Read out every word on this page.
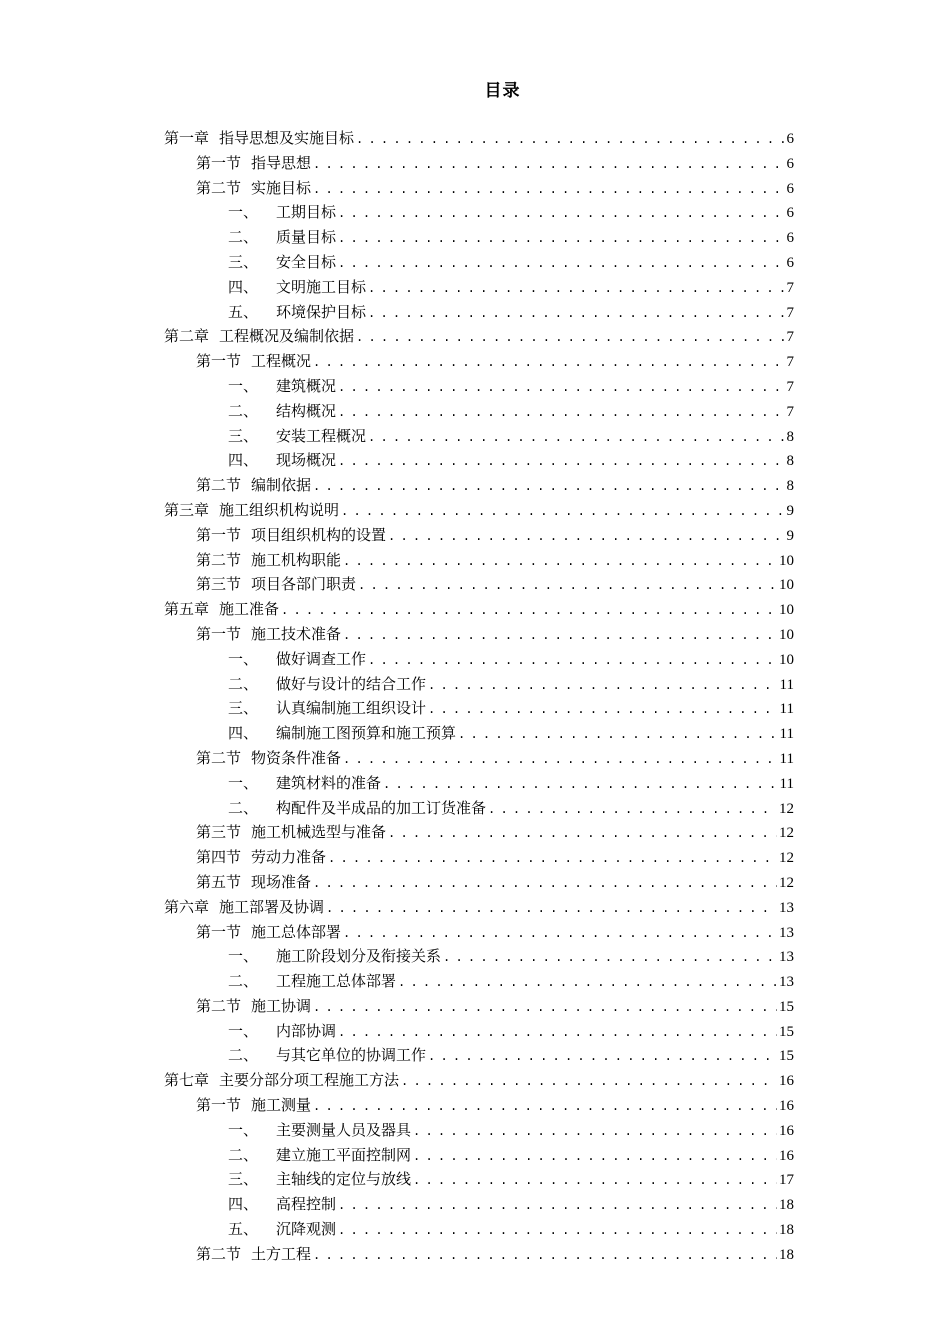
目录
第一章 指导思想及实施目标 . . .	6
第一节 指导思想 . . .	6
第二节 实施目标 . . .	6
一、 工期目标 . . .	6
二、 质量目标 . . .	6
三、 安全目标 . . .	6
四、 文明施工目标 . . .	7
五、 环境保护目标 . . .	7
第二章 工程概况及编制依据 . . .	7
第一节 工程概况 . . .	7
一、 建筑概况 . . .	7
二、 结构概况 . . .	7
三、 安装工程概况 . . .	8
四、 现场概况 . . .	8
第二节 编制依据 . . .	8
第三章 施工组织机构说明 . . .	9
第一节 项目组织机构的设置 . . .	9
第二节 施工机构职能 . . .	10
第三节 项目各部门职责 . . .	10
第五章 施工准备 . . .	10
第一节 施工技术准备 . . .	10
一、 做好调查工作 . . .	10
二、 做好与设计的结合工作 . . .	11
三、 认真编制施工组织设计 . . .	11
四、 编制施工图预算和施工预算 . . .	11
第二节 物资条件准备 . . .	11
一、 建筑材料的准备 . . .	11
二、 构配件及半成品的加工订货准备 . . .	12
第三节 施工机械选型与准备 . . .	12
第四节 劳动力准备 . . .	12
第五节 现场准备 . . .	12
第六章 施工部署及协调 . . .	13
第一节 施工总体部署 . . .	13
一、 施工阶段划分及衔接关系 . . .	13
二、 工程施工总体部署 . . .	13
第二节 施工协调 . . .	15
一、 内部协调 . . .	15
二、 与其它单位的协调工作 . . .	15
第七章 主要分部分项工程施工方法 . . .	16
第一节 施工测量 . . .	16
一、 主要测量人员及器具 . . .	16
二、 建立施工平面控制网 . . .	16
三、 主轴线的定位与放线 . . .	17
四、 高程控制 . . .	18
五、 沉降观测 . . .	18
第二节 土方工程 . . .	18
